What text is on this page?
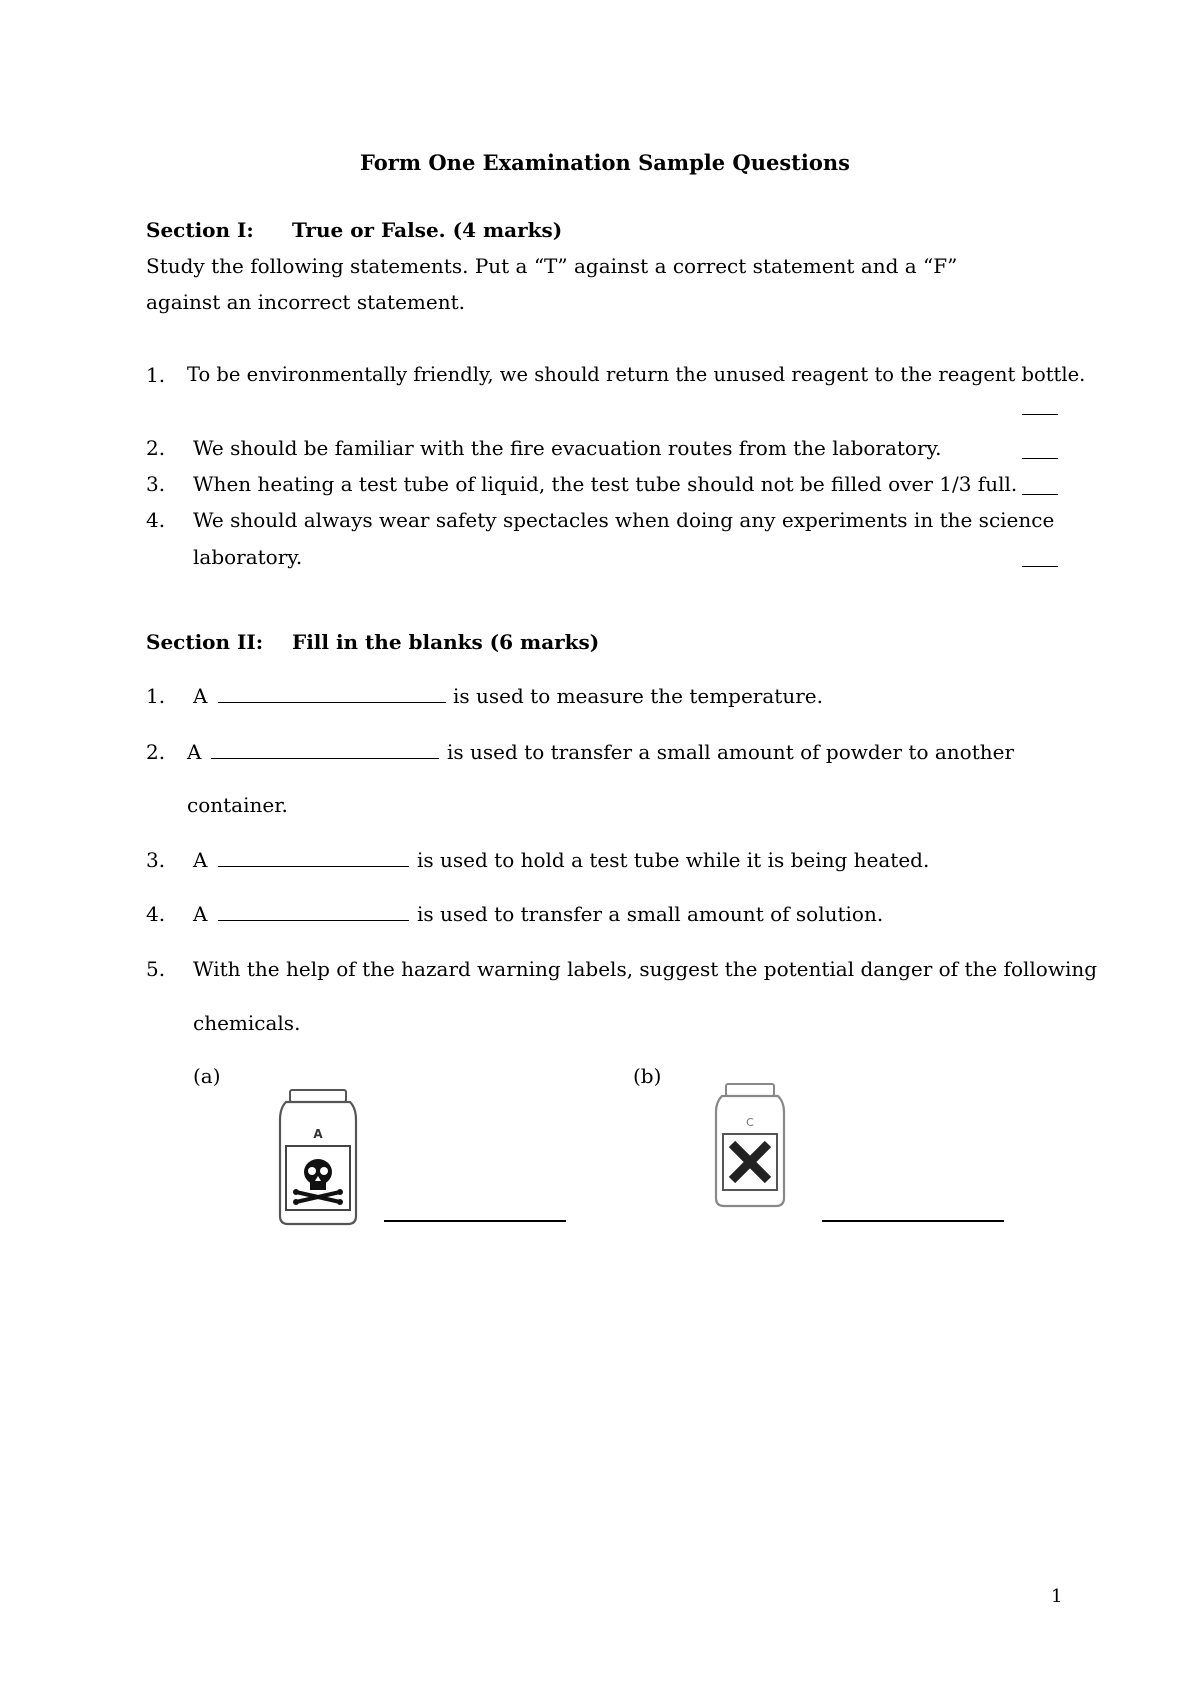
Form One Examination Sample Questions
Section I: True or False. (4 marks)
Study the following statements. Put a “T” against a correct statement and a “F”
against an incorrect statement.
1. To be environmentally friendly, we should return the unused reagent to the reagent bottle.
2. We should be familiar with the fire evacuation routes from the laboratory.
3. When heating a test tube of liquid, the test tube should not be filled over 1/3 full.
4. We should always wear safety spectacles when doing any experiments in the science
laboratory.
Section II: Fill in the blanks (6 marks)
1. A	is used to measure the temperature.
2. A	is used to transfer a small amount of powder to another
container.
3. A	is used to hold a test tube while it is being heated.
4. A	is used to transfer a small amount of solution.
5. With the help of the hazard warning labels, suggest the potential danger of the following
chemicals.
(a)
A
(b)
C
1
